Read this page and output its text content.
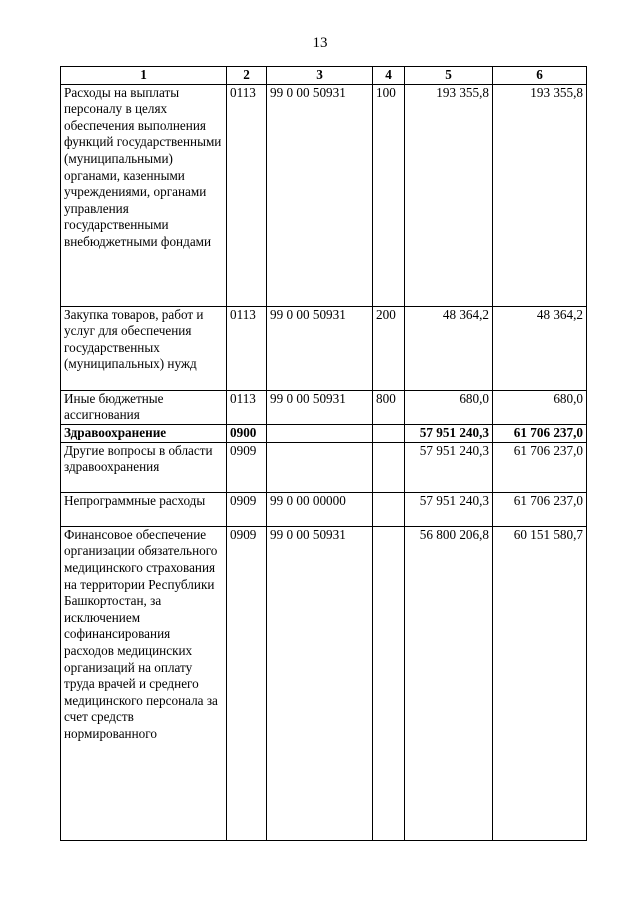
13
1	2	3	4	5	6
Расходы на выплаты персоналу в целях обеспечения выполнения функций государственными (муниципальными) органами, казенными учреждениями, органами управления государственными внебюджетными фондами	0113	99 0 00 50931	100	193 355,8	193 355,8
Закупка товаров, работ и услуг для обеспечения государственных (муниципальных) нужд	0113	99 0 00 50931	200	48 364,2	48 364,2
Иные бюджетные ассигнования	0113	99 0 00 50931	800	680,0	680,0
Здравоохранение	0900			57 951 240,3	61 706 237,0
Другие вопросы в области здравоохранения	0909			57 951 240,3	61 706 237,0
Непрограммные расходы	0909	99 0 00 00000		57 951 240,3	61 706 237,0
Финансовое обеспечение организации обязательного медицинского страхования на территории Республики Башкортостан, за исключением софинансирования расходов медицинских организаций на оплату труда врачей и среднего медицинского персонала за счет средств нормированного	0909	99 0 00 50931		56 800 206,8	60 151 580,7
